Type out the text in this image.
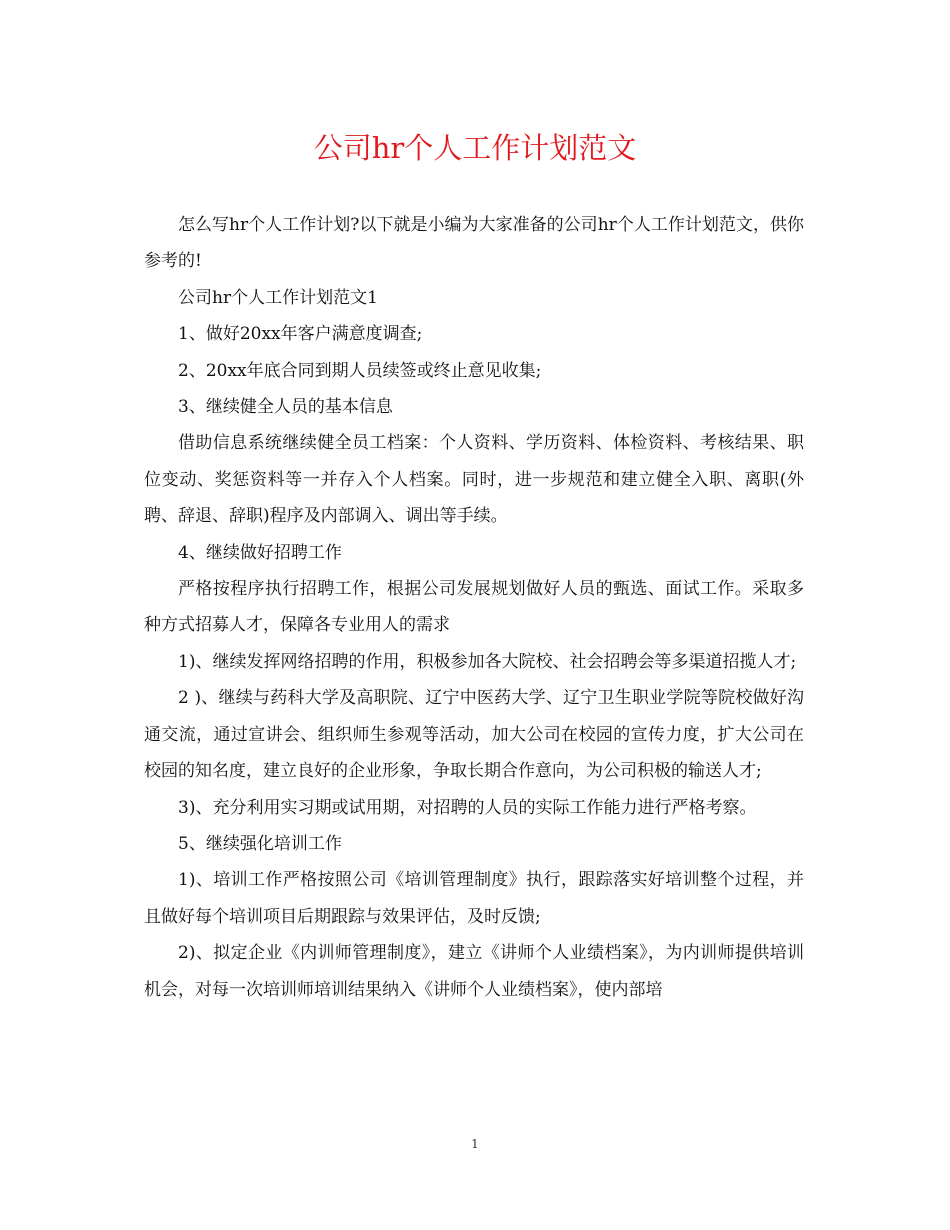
公司hr个人工作计划范文

怎么写hr个人工作计划?以下就是小编为大家准备的公司hr个人工作计划范文，供你参考的!

公司hr个人工作计划范文1

1、做好20xx年客户满意度调查;

2、20xx年底合同到期人员续签或终止意见收集;

3、继续健全人员的基本信息

借助信息系统继续健全员工档案：个人资料、学历资料、体检资料、考核结果、职位变动、奖惩资料等一并存入个人档案。同时，进一步规范和建立健全入职、离职(外聘、辞退、辞职)程序及内部调入、调出等手续。

4、继续做好招聘工作

严格按程序执行招聘工作，根据公司发展规划做好人员的甄选、面试工作。采取多种方式招募人才，保障各专业用人的需求

1)、继续发挥网络招聘的作用，积极参加各大院校、社会招聘会等多渠道招揽人才;

2 )、继续与药科大学及高职院、辽宁中医药大学、辽宁卫生职业学院等院校做好沟通交流，通过宣讲会、组织师生参观等活动，加大公司在校园的宣传力度，扩大公司在校园的知名度，建立良好的企业形象，争取长期合作意向，为公司积极的输送人才;

3)、充分利用实习期或试用期，对招聘的人员的实际工作能力进行严格考察。

5、继续强化培训工作

1)、培训工作严格按照公司《培训管理制度》执行，跟踪落实好培训整个过程，并且做好每个培训项目后期跟踪与效果评估，及时反馈;

2)、拟定企业《内训师管理制度》，建立《讲师个人业绩档案》，为内训师提供培训机会，对每一次培训师培训结果纳入《讲师个人业绩档案》，使内部培

1
